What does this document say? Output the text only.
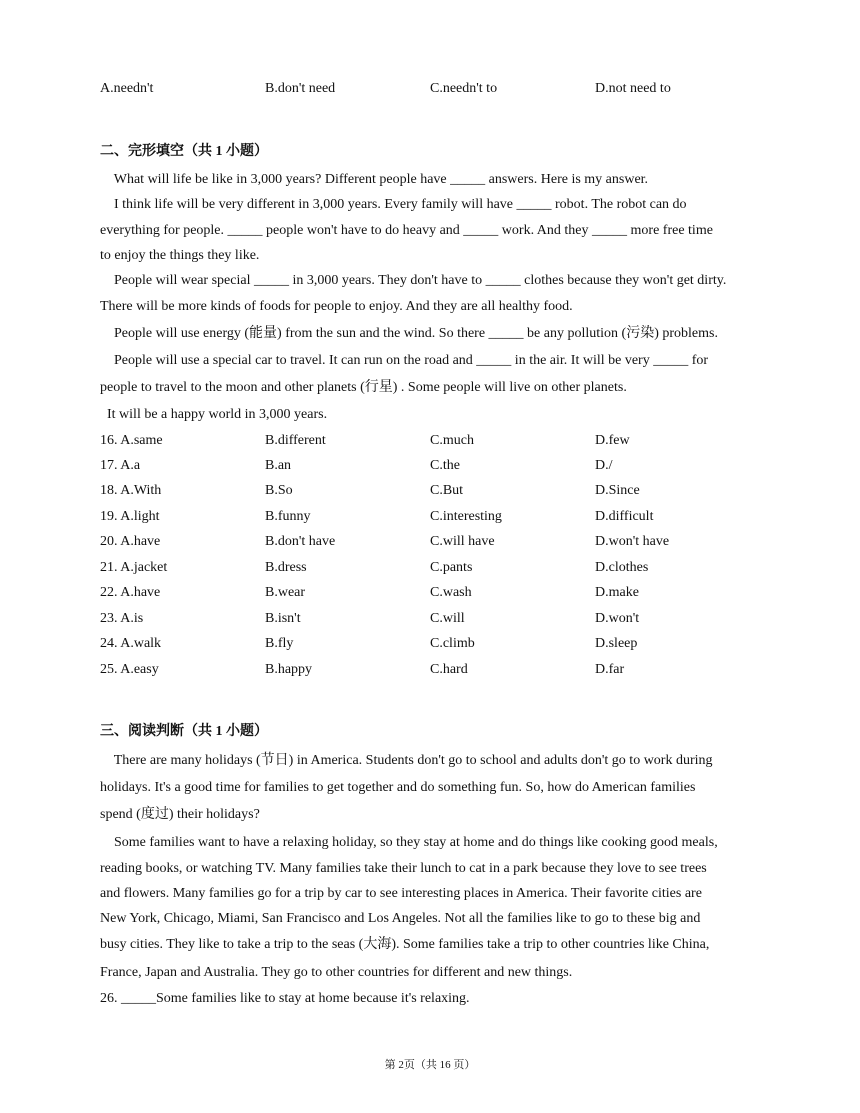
A.needn't	B.don't need	C.needn't to	D.not need to
二、完形填空（共 1 小题）
What will life be like in 3,000 years? Different people have _____ answers. Here is my answer.
I think life will be very different in 3,000 years. Every family will have _____ robot. The robot can do
everything for people. _____ people won't have to do heavy and _____ work. And they _____ more free time
to enjoy the things they like.
People will wear special _____ in 3,000 years. They don't have to _____ clothes because they won't get dirty.
There will be more kinds of foods for people to enjoy. And they are all healthy food.
People will use energy (能量) from the sun and the wind. So there _____ be any pollution (污染) problems.
People will use a special car to travel. It can run on the road and _____ in the air. It will be very _____ for
people to travel to the moon and other planets (行星) . Some people will live on other planets.
It will be a happy world in 3,000 years.
16. A.same	B.different	C.much	D.few
17. A.a	B.an	C.the	D./
18. A.With	B.So	C.But	D.Since
19. A.light	B.funny	C.interesting	D.difficult
20. A.have	B.don't have	C.will have	D.won't have
21. A.jacket	B.dress	C.pants	D.clothes
22. A.have	B.wear	C.wash	D.make
23. A.is	B.isn't	C.will	D.won't
24. A.walk	B.fly	C.climb	D.sleep
25. A.easy	B.happy	C.hard	D.far
三、阅读判断（共 1 小题）
There are many holidays (节日) in America. Students don't go to school and adults don't go to work during
holidays. It's a good time for families to get together and do something fun. So, how do American families
spend (度过) their holidays?
Some families want to have a relaxing holiday, so they stay at home and do things like cooking good meals,
reading books, or watching TV. Many families take their lunch to cat in a park because they love to see trees
and flowers. Many families go for a trip by car to see interesting places in America. Their favorite cities are
New York, Chicago, Miami, San Francisco and Los Angeles. Not all the families like to go to these big and
busy cities. They like to take a trip to the seas (大海). Some families take a trip to other countries like China,
France, Japan and Australia. They go to other countries for different and new things.
26. _____Some families like to stay at home because it's relaxing.
第 2页（共 16 页）
